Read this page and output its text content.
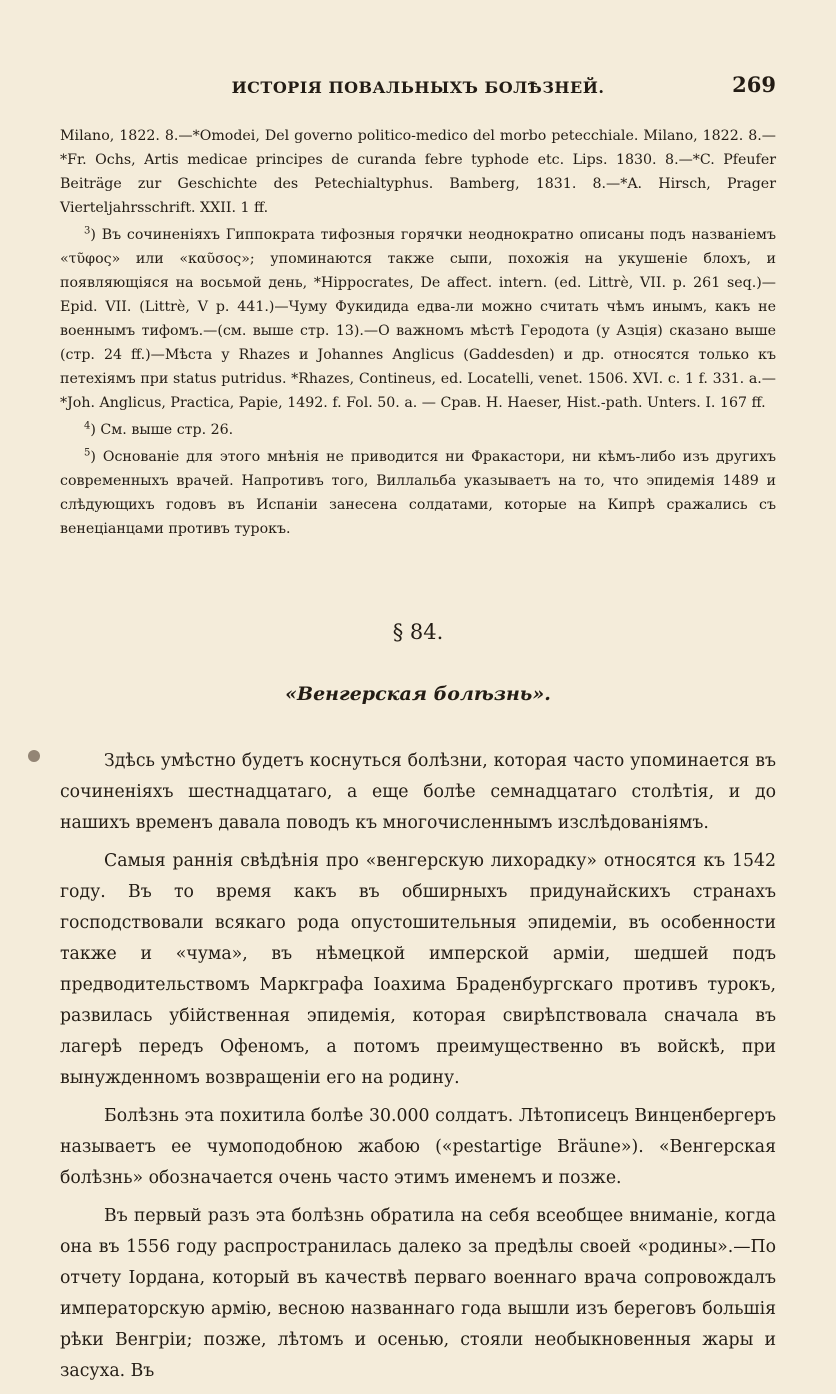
ИСТОРІЯ ПОВАЛЬНЫХЪ БОЛѢЗНЕЙ.	269

Milano, 1822. 8.—*Omodei, Del governo politico-medico del morbo petecchiale. Milano, 1822. 8.—*Fr. Ochs, Artis medicae principes de curanda febre typhode etc. Lips. 1830. 8.—*C. Pfeufer Beiträge zur Geschichte des Petechialtyphus. Bamberg, 1831. 8.—*A. Hirsch, Prager Vierteljahrsschrift. XXII. 1 ff.

$^3$) Въ сочиненіяхъ Гиппократа тифозныя горячки неоднократно описаны подъ названіемъ «τῦφος» или «καῦσος»; упоминаются также сыпи, похожія на укушеніе блохъ, и появляющіяся на восьмой день, *Hippocrates, De affect. intern. (ed. Littrè, VII. p. 261 seq.)— Epid. VII. (Littrè, V p. 441.)—Чуму Фукидида едва-ли можно считать чѣмъ инымъ, какъ не военнымъ тифомъ.—(см. выше стр. 13).—О важномъ мѣстѣ Геродота (у Азція) сказано выше (стр. 24 ff.)—Мѣста у Rhazes и Johannes Anglicus (Gaddesden) и др. относятся только къ петехіямъ при status putridus. *Rhazes, Contineus, ed. Locatelli, venet. 1506. XVI. c. 1 f. 331. a.—*Joh. Anglicus, Practica, Papie, 1492. f. Fol. 50. a. — Срав. H. Haeser, Hist.-path. Unters. I. 167 ff.

$^4$) См. выше стр. 26.

$^5$) Основаніе для этого мнѣнія не приводится ни Фракастори, ни кѣмъ-либо изъ другихъ современныхъ врачей. Напротивъ того, Виллальба указываетъ на то, что эпидемія 1489 и слѣдующихъ годовъ въ Испаніи занесена солдатами, которые на Кипрѣ сражались съ венеціанцами противъ турокъ.

§ 84.
«Венгерская болѣзнь».

Здѣсь умѣстно будетъ коснуться болѣзни, которая часто упоминается въ сочиненіяхъ шестнадцатаго, а еще болѣе семнадцатаго столѣтія, и до нашихъ временъ давала поводъ къ многочисленнымъ изслѣдованіямъ.

Самыя раннія свѣдѣнія про «венгерскую лихорадку» относятся къ 1542 году. Въ то время какъ въ обширныхъ придунайскихъ странахъ господствовали всякаго рода опустошительныя эпидеміи, въ особенности также и «чума», въ нѣмецкой имперской арміи, шедшей подъ предводительствомъ Маркграфа Іоахима Браденбургскаго противъ турокъ, развилась убійственная эпидемія, которая свирѣпствовала сначала въ лагерѣ передъ Офеномъ, а потомъ преимущественно въ войскѣ, при вынужденномъ возвращеніи его на родину.

Болѣзнь эта похитила болѣе 30.000 солдатъ. Лѣтописецъ Винценбергеръ называетъ ее чумоподобною жабою («pestartige Bräune»). «Венгерская болѣзнь» обозначается очень часто этимъ именемъ и позже.

Въ первый разъ эта болѣзнь обратила на себя всеобщее вниманіе, когда она въ 1556 году распространилась далеко за предѣлы своей «родины».—По отчету Іордана, который въ качествѣ перваго военнаго врача сопровождалъ императорскую армію, весною названнаго года вышли изъ береговъ большія рѣки Венгріи; позже, лѣтомъ и осенью, стояли необыкновенныя жары и засуха. Въ
